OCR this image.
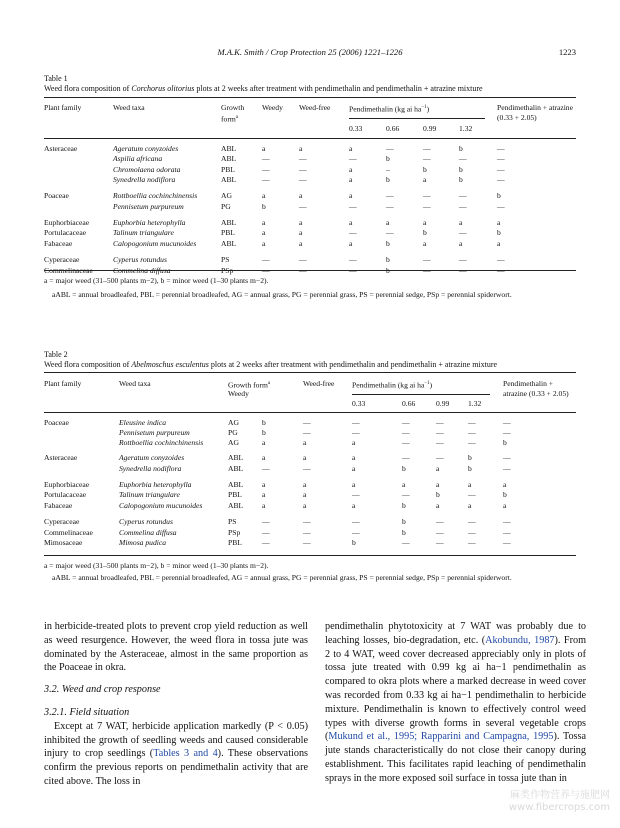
M.A.K. Smith / Crop Protection 25 (2006) 1221–1226	1223
Table 1
Weed flora composition of Corchorus olitorius plots at 2 weeks after treatment with pendimethalin and pendimethalin + atrazine mixture
Plant family	Weed taxa	Growth
form$^a$
Weedy Weed-free Pendimethalin (kg ai $ha^{-1}$)	Pendimethalin + atrazine
(0.33 + 2.05)
0.33	0.66	0.99	1.32
Asteraceae	Ageratum conyzoides	ABL	a	a	a	—	—	b	—
Aspilia africana	ABL	—	—	—	b	—	—	—
Chromolaena odorata	PBL	—	—	a	–	b	b	—
Synedrella nodiflora	ABL	—	—	a	b	a	b	—
Poaceae	Rottboellia cochinchinensis	AG	a	a	a	—	—	—	b
Pennisetum purpureum	PG	b	—	—	—	—	—	—
Euphorbiaceae	Euphorbia heterophylla	ABL	a	a	a	a	a	a	a
Portulacaceae	Talinum triangulare	PBL	a	a	—	—	b	—	b
Fabaceae	Calopogonium mucunoides	ABL	a	a	a	b	a	a	a
Cyperaceae	Cyperus rotundus	PS	—	—	—	b	—	—	—
Commelinaceae	Commelina diffusa	PSp	—	—	—	b	—	—	—
a = major weed (31–500 plants m−2), b = minor weed (1–30 plants m−2).
aABL = annual broadleafed, PBL = perennial broadleafed, AG = annual grass, PG = perennial grass, PS = perennial sedge, PSp = perennial spiderwort.
Table 2
Weed flora composition of Abelmoschus esculentus plots at 2 weeks after treatment with pendimethalin and pendimethalin + atrazine mixture
Plant family	Weed taxa	Growth form$^a$
Weedy
Weed-free Pendimethalin (kg ai $ha^{-1}$)	Pendimethalin +
atrazine (0.33 + 2.05)
0.33	0.66	0.99 1.32
Poaceae	Eleusine indica	AG	b	—	—	—	—	—	—
Pennisetum purpureum	PG	b	—	—	—	—	—	—
Rottboellia cochinchinensis	AG	a	a	a	—	—	—	b
Asteraceae	Ageratum conyzoides	ABL a	a	a	—	—	b	—
Synedrella nodiflora	ABL —	—	a	b	a	b	—
Euphorbiaceae	Euphorbia heterophylla	ABL a	a	a	a	a	a	a
Portulacaceae	Talinum triangulare	PBL	a	a	—	—	b	—	b
Fabaceae	Calopogonium mucunoides	ABL a	a	a	b	a	a	a
Cyperaceae	Cyperus rotundus	PS	—	—	—	b	—	—	—
Commelinaceae	Commelina diffusa	PSp	—	—	—	b	—	—	—
Mimosaceae	Mimosa pudica	PBL	—	—	b	—	—	—	—
a = major weed (31–500 plants m−2), b = minor weed (1–30 plants m−2).
aABL = annual broadleafed, PBL = perennial broadleafed, AG = annual grass, PG = perennial grass, PS = perennial sedge, PSp = perennial spiderwort.

in herbicide-treated plots to prevent crop yield reduction as well as weed resurgence. However, the weed flora in tossa jute was dominated by the Asteraceae, almost in the same proportion as the Poaceae in okra.

3.2. Weed and crop response

3.2.1. Field situation

Except at 7 WAT, herbicide application markedly (P < 0.05) inhibited the growth of seedling weeds and caused considerable injury to crop seedlings (Tables 3 and 4). These observations confirm the previous reports on pendimethalin activity that are cited above. The loss in

pendimethalin phytotoxicity at 7 WAT was probably due to leaching losses, bio-degradation, etc. (Akobundu, 1987). From 2 to 4 WAT, weed cover decreased appreciably only in plots of tossa jute treated with 0.99 kg ai ha−1 pendimethalin as compared to okra plots where a marked decrease in weed cover was recorded from 0.33 kg ai ha−1 pendimethalin to herbicide mixture. Pendimethalin is known to effectively control weed types with diverse growth forms in several vegetable crops (Mukund et al., 1995; Rapparini and Campagna, 1995). Tossa jute stands characteristically do not close their canopy during establishment. This facilitates rapid leaching of pendimethalin sprays in the more exposed soil surface in tossa jute than in

麻类作物营养与施肥网
www.fibercrops.com
